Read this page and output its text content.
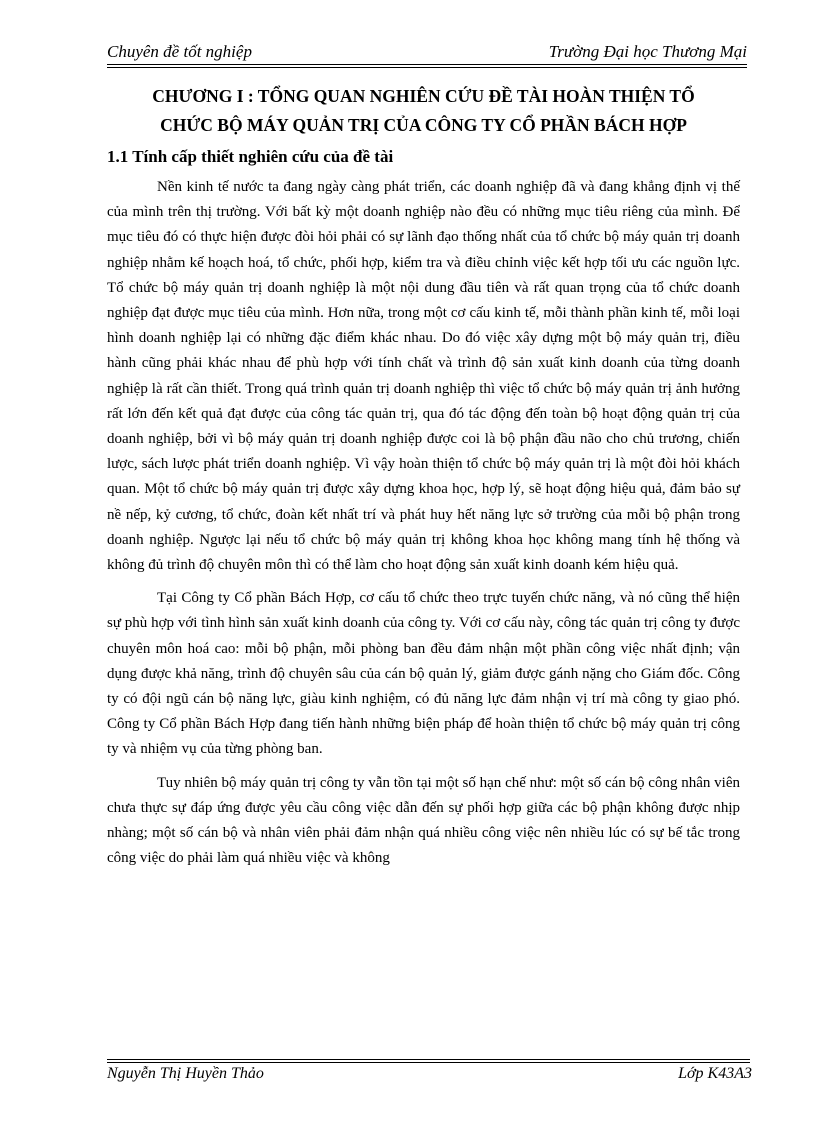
Chuyên đề tốt nghiệp	Trường Đại học Thương Mại
CHƯƠNG I : TỔNG QUAN NGHIÊN CỨU ĐỀ TÀI HOÀN THIỆN TỔ
CHỨC BỘ MÁY QUẢN TRỊ CỦA CÔNG TY CỔ PHẦN BÁCH HỢP
1.1 Tính cấp thiết nghiên cứu của đề tài

Nền kinh tế nước ta đang ngày càng phát triển, các doanh nghiệp đã và đang khẳng định vị thế của mình trên thị trường. Với bất kỳ một doanh nghiệp nào đều có những mục tiêu riêng của mình. Để mục tiêu đó có thực hiện được đòi hỏi phải có sự lãnh đạo thống nhất của tổ chức bộ máy quản trị doanh nghiệp nhằm kế hoạch hoá, tổ chức, phối hợp, kiểm tra và điều chỉnh việc kết hợp tối ưu các nguồn lực. Tổ chức bộ máy quản trị doanh nghiệp là một nội dung đầu tiên và rất quan trọng của tổ chức doanh nghiệp đạt được mục tiêu của mình. Hơn nữa, trong một cơ cấu kinh tế, mỗi thành phần kinh tế, mỗi loại hình doanh nghiệp lại có những đặc điểm khác nhau. Do đó việc xây dựng một bộ máy quản trị, điều hành cũng phải khác nhau để phù hợp với tính chất và trình độ sản xuất kinh doanh của từng doanh nghiệp là rất cần thiết. Trong quá trình quản trị doanh nghiệp thì việc tổ chức bộ máy quản trị ảnh hưởng rất lớn đến kết quả đạt được của công tác quản trị, qua đó tác động đến toàn bộ hoạt động quản trị của doanh nghiệp, bởi vì bộ máy quản trị doanh nghiệp được coi là bộ phận đầu não cho chủ trương, chiến lược, sách lược phát triển doanh nghiệp. Vì vậy hoàn thiện tổ chức bộ máy quản trị là một đòi hỏi khách quan. Một tổ chức bộ máy quản trị được xây dựng khoa học, hợp lý, sẽ hoạt động hiệu quả, đảm bảo sự nề nếp, kỷ cương, tổ chức, đoàn kết nhất trí và phát huy hết năng lực sở trường của mỗi bộ phận trong doanh nghiệp. Ngược lại nếu tổ chức bộ máy quản trị không khoa học không mang tính hệ thống và không đủ trình độ chuyên môn thì có thể làm cho hoạt động sản xuất kinh doanh kém hiệu quả.

Tại Công ty Cổ phần Bách Hợp, cơ cấu tổ chức theo trực tuyến chức năng, và nó cũng thể hiện sự phù hợp với tình hình sản xuất kinh doanh của công ty. Với cơ cấu này, công tác quản trị công ty được chuyên môn hoá cao: mỗi bộ phận, mỗi phòng ban đều đảm nhận một phần công việc nhất định; vận dụng được khả năng, trình độ chuyên sâu của cán bộ quản lý, giảm được gánh nặng cho Giám đốc. Công ty có đội ngũ cán bộ năng lực, giàu kinh nghiệm, có đủ năng lực đảm nhận vị trí mà công ty giao phó. Công ty Cổ phần Bách Hợp đang tiến hành những biện pháp để hoàn thiện tổ chức bộ máy quản trị công ty và nhiệm vụ của từng phòng ban.

Tuy nhiên bộ máy quản trị công ty vẫn tồn tại một số hạn chế như: một số cán bộ công nhân viên chưa thực sự đáp ứng được yêu cầu công việc dẫn đến sự phối hợp giữa các bộ phận không được nhịp nhàng; một số cán bộ và nhân viên phải đảm nhận quá nhiều công việc nên nhiều lúc có sự bế tắc trong công việc do phải làm quá nhiều việc và không

Nguyễn Thị Huyền Thảo	Lớp K43A3
